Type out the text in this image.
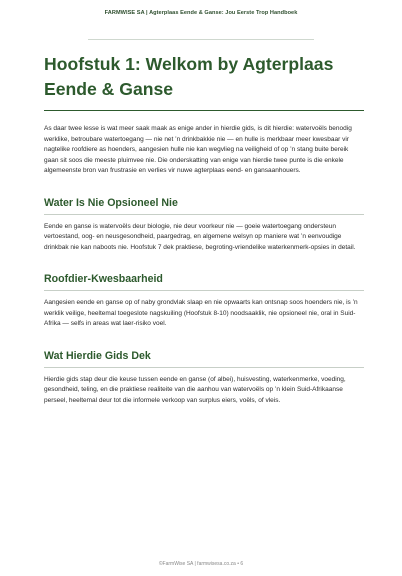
FARMWISE SA | Agterplaas Eende & Ganse: Jou Eerste Trop Handboek
Hoofstuk 1: Welkom by Agterplaas Eende & Ganse

As daar twee lesse is wat meer saak maak as enige ander in hierdie gids, is dit hierdie: watervoëls benodig werklike, betroubare watertoegang — nie net ’n drinkbakkie nie — en hulle is merkbaar meer kwesbaar vir nagtelike roofdiere as hoenders, aangesien hulle nie kan wegvlieg na veiligheid of op ’n stang buite bereik gaan sit soos die meeste pluimvee nie. Die onderskatting van enige van hierdie twee punte is die enkele algemeenste bron van frustrasie en verlies vir nuwe agterplaas eend- en gansaanhouers.

Water Is Nie Opsioneel Nie

Eende en ganse is watervoëls deur biologie, nie deur voorkeur nie — goeie watertoegang ondersteun vertoestand, oog- en neusgesondheid, paargedrag, en algemene welsyn op maniere wat ’n eenvoudige drinkbak nie kan naboots nie. Hoofstuk 7 dek praktiese, begroting-vriendelike waterkenmerk-opsies in detail.

Roofdier-Kwesbaarheid

Aangesien eende en ganse op of naby grondvlak slaap en nie opwaarts kan ontsnap soos hoenders nie, is ’n werklik veilige, heeltemal toegeslote nagskuiling (Hoofstuk 8-10) noodsaaklik, nie opsioneel nie, oral in Suid-Afrika — selfs in areas wat laer-risiko voel.

Wat Hierdie Gids Dek

Hierdie gids stap deur die keuse tussen eende en ganse (of albei), huisvesting, waterkenmerke, voeding, gesondheid, teling, en die praktiese realiteite van die aanhou van watervoëls op ’n klein Suid-Afrikaanse perseel, heeltemal deur tot die informele verkoop van surplus eiers, voëls, of vleis.

©FarmWise SA | farmwisesa.co.za • 6
